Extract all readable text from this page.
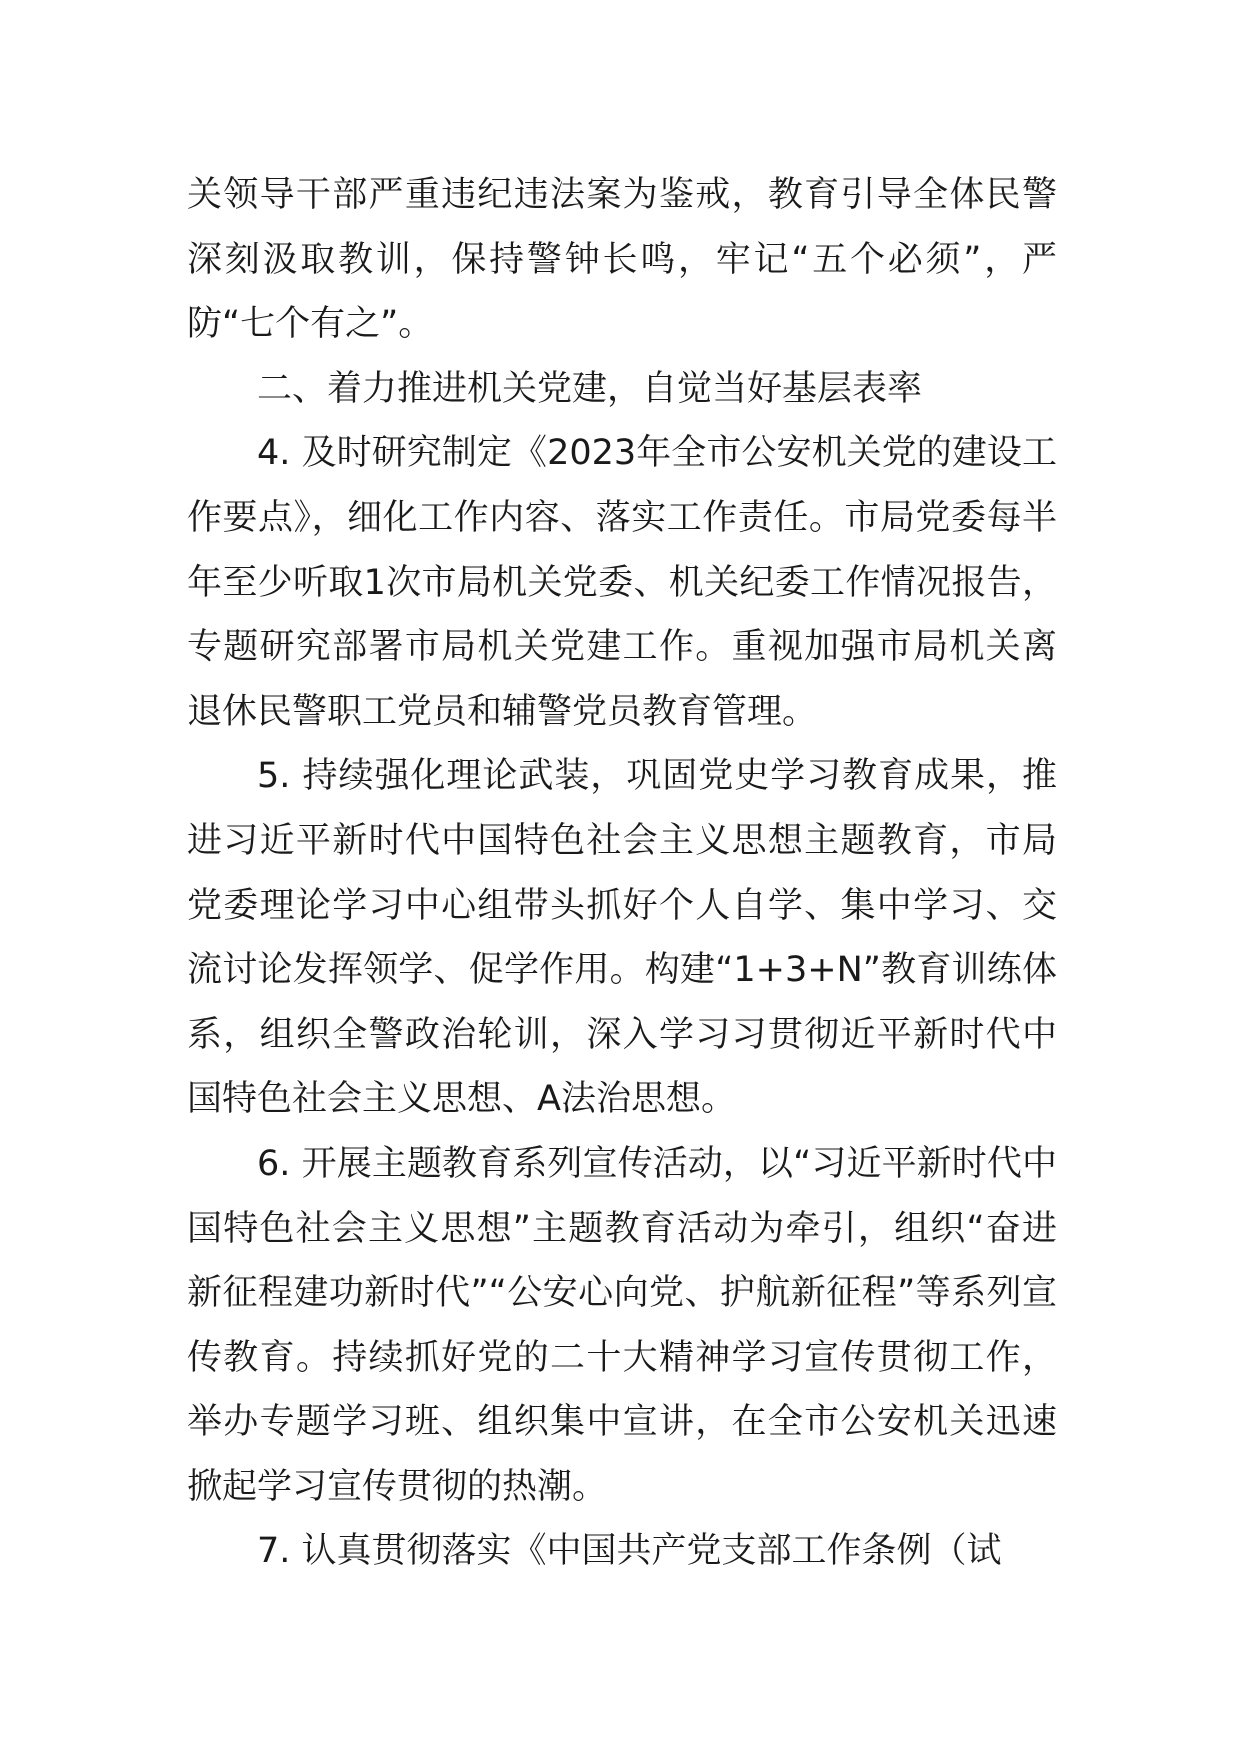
关领导干部严重违纪违法案为鉴戒，教育引导全体民警深刻汲取教训，保持警钟长鸣，牢记“五个必须”，严防“七个有之”。

二、着力推进机关党建，自觉当好基层表率

4. 及时研究制定《2023年全市公安机关党的建设工作要点》，细化工作内容、落实工作责任。市局党委每半年至少听取1次市局机关党委、机关纪委工作情况报告，专题研究部署市局机关党建工作。重视加强市局机关离退休民警职工党员和辅警党员教育管理。

5. 持续强化理论武装，巩固党史学习教育成果，推进习近平新时代中国特色社会主义思想主题教育，市局党委理论学习中心组带头抓好个人自学、集中学习、交流讨论发挥领学、促学作用。构建“1+3+N”教育训练体系，组织全警政治轮训，深入学习习贯彻近平新时代中国特色社会主义思想、A法治思想。

6. 开展主题教育系列宣传活动，以“习近平新时代中国特色社会主义思想”主题教育活动为牵引，组织“奋进新征程建功新时代”“公安心向党、护航新征程”等系列宣传教育。持续抓好党的二十大精神学习宣传贯彻工作，举办专题学习班、组织集中宣讲，在全市公安机关迅速掀起学习宣传贯彻的热潮。

7. 认真贯彻落实《中国共产党支部工作条例（试
